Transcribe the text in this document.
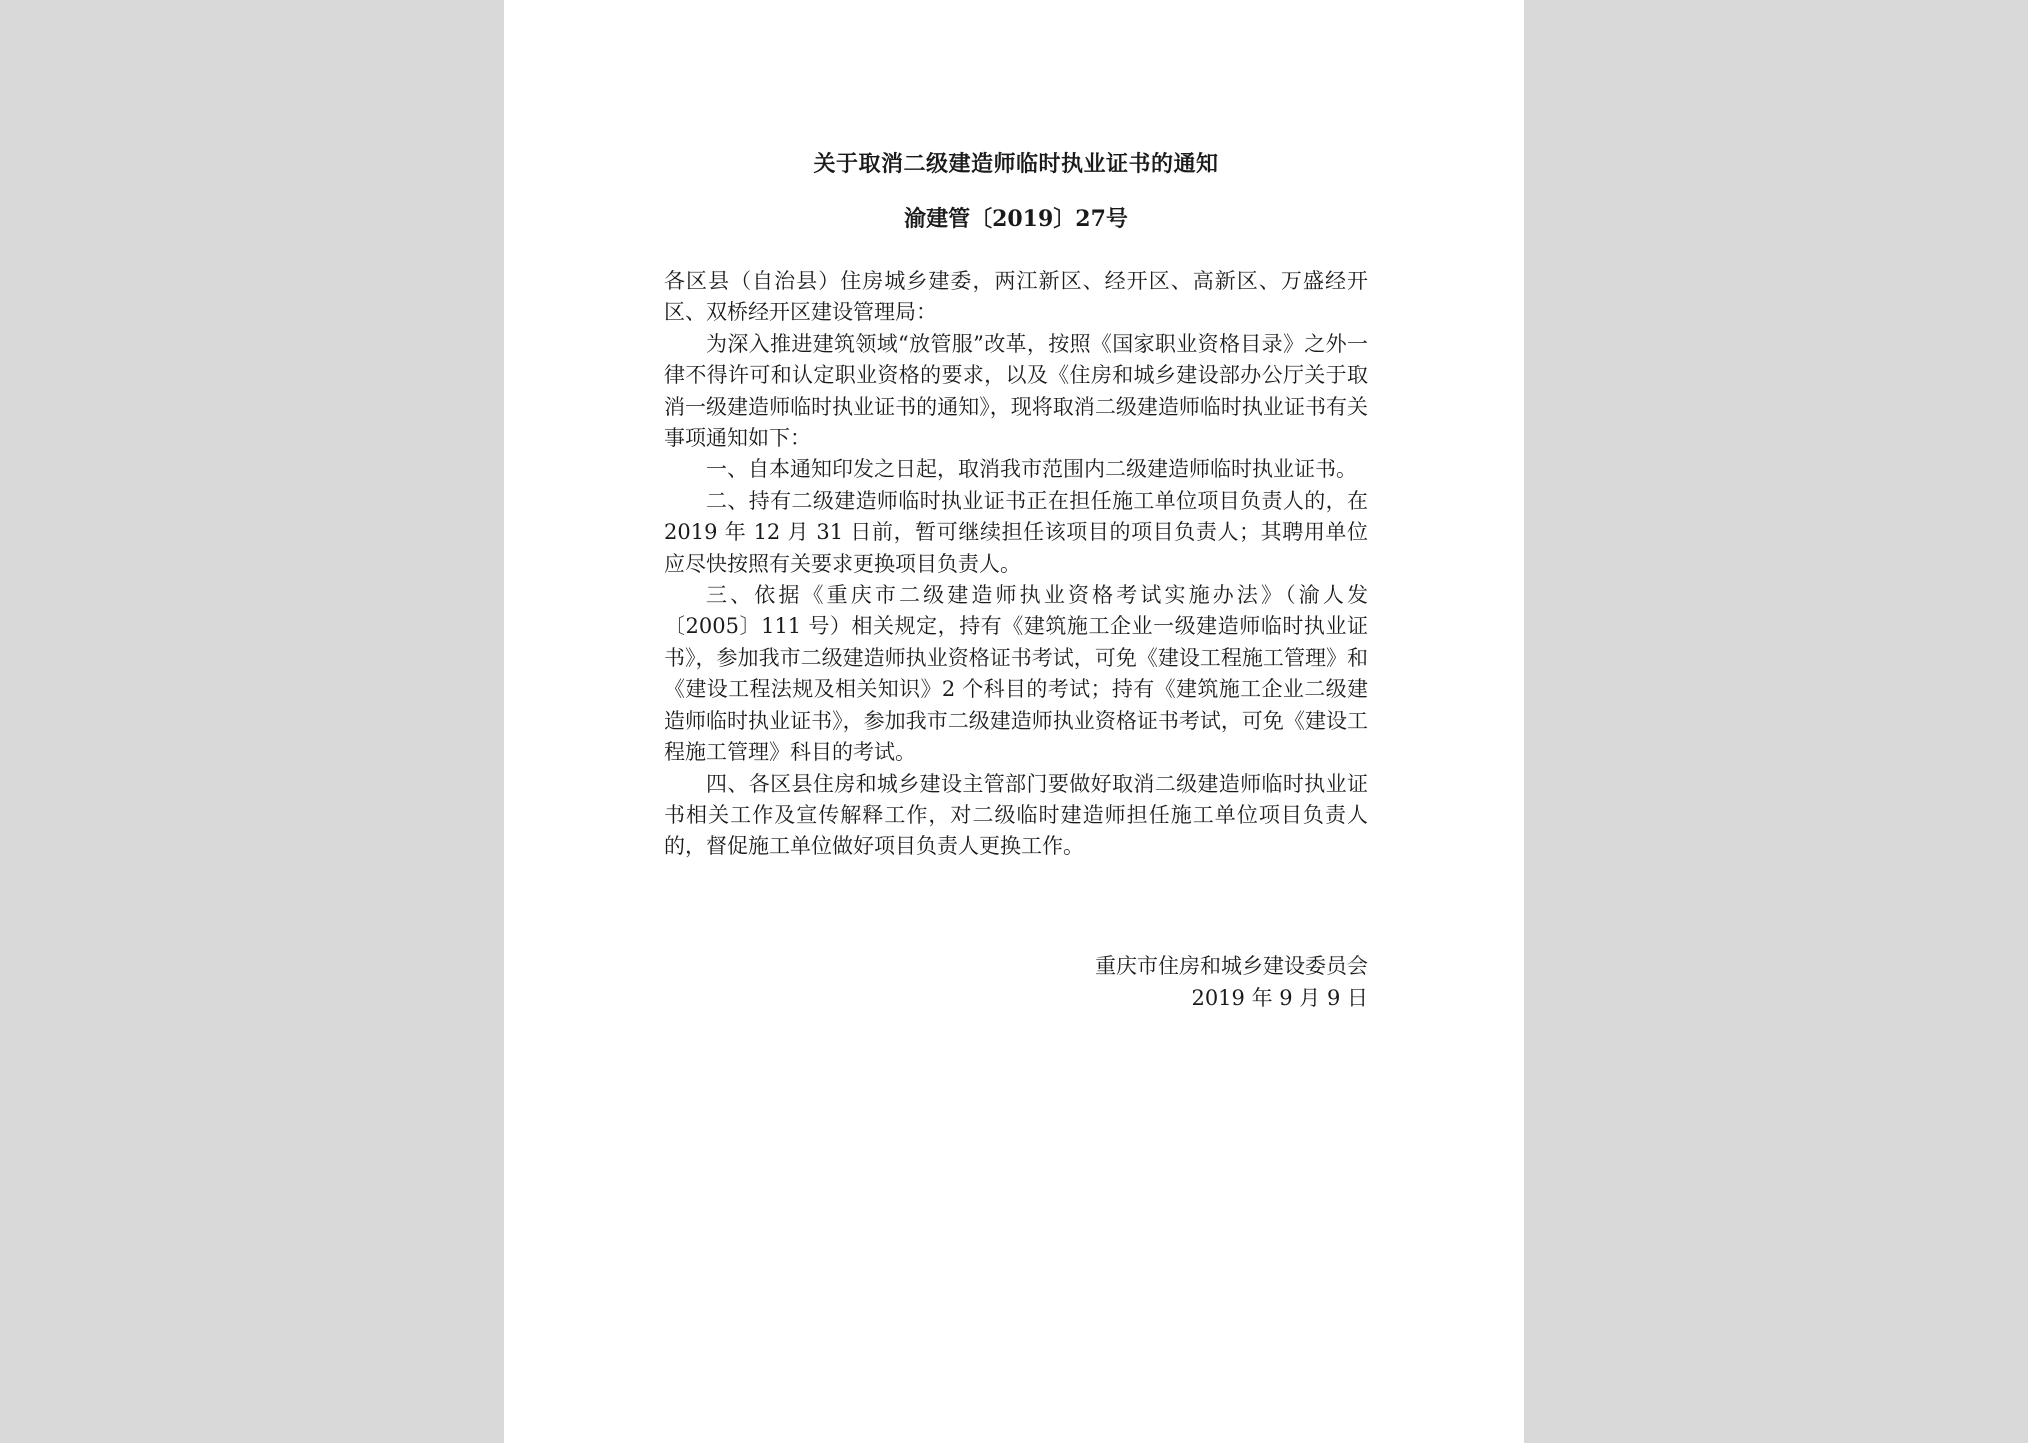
关于取消二级建造师临时执业证书的通知
渝建管〔2019〕27号

各区县（自治县）住房城乡建委，两江新区、经开区、高新区、万盛经开区、双桥经开区建设管理局：

为深入推进建筑领域“放管服”改革，按照《国家职业资格目录》之外一律不得许可和认定职业资格的要求，以及《住房和城乡建设部办公厅关于取消一级建造师临时执业证书的通知》，现将取消二级建造师临时执业证书有关事项通知如下：

一、自本通知印发之日起，取消我市范围内二级建造师临时执业证书。

二、持有二级建造师临时执业证书正在担任施工单位项目负责人的，在 2019 年 12 月 31 日前，暂可继续担任该项目的项目负责人；其聘用单位应尽快按照有关要求更换项目负责人。

三、依据《重庆市二级建造师执业资格考试实施办法》（渝人发〔2005〕111 号）相关规定，持有《建筑施工企业一级建造师临时执业证书》，参加我市二级建造师执业资格证书考试，可免《建设工程施工管理》和《建设工程法规及相关知识》2 个科目的考试；持有《建筑施工企业二级建造师临时执业证书》，参加我市二级建造师执业资格证书考试，可免《建设工程施工管理》科目的考试。

四、各区县住房和城乡建设主管部门要做好取消二级建造师临时执业证书相关工作及宣传解释工作，对二级临时建造师担任施工单位项目负责人的，督促施工单位做好项目负责人更换工作。

重庆市住房和城乡建设委员会
2019 年 9 月 9 日
